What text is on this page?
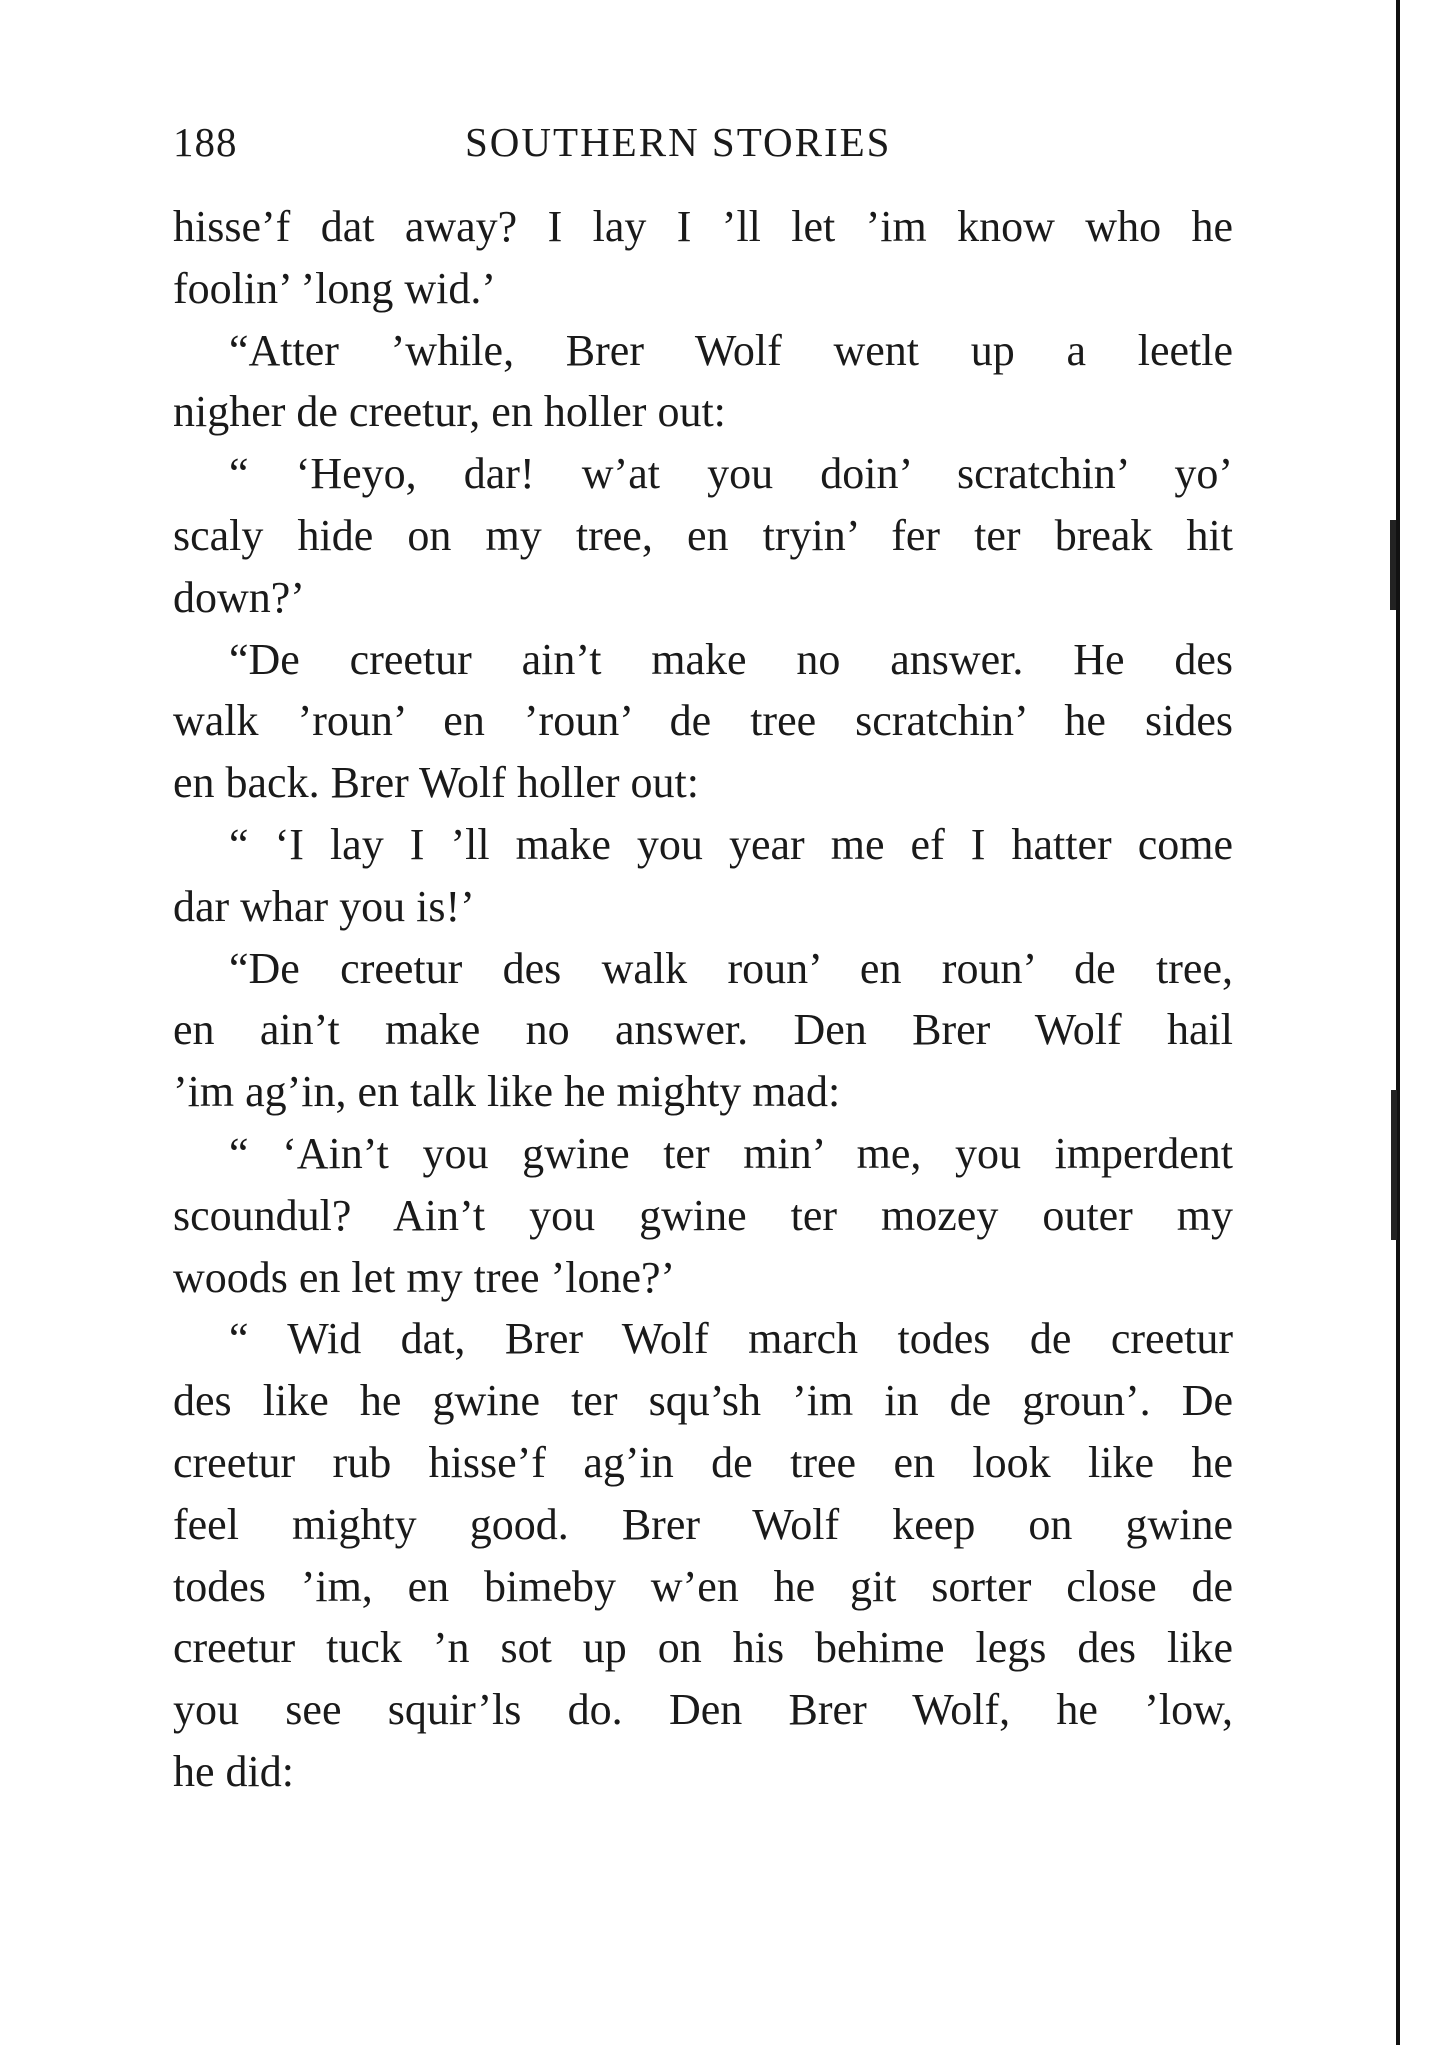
188	SOUTHERN STORIES
hisse’f dat away? I lay I ’ll let ’im know who he
foolin’ ’long wid.’
“Atter ’while, Brer Wolf went up a leetle
nigher de creetur, en holler out:
“ ‘Heyo, dar! w’at you doin’ scratchin’ yo’
scaly hide on my tree, en tryin’ fer ter break hit
down?’
“De creetur ain’t make no answer. He des
walk ’roun’ en ’roun’ de tree scratchin’ he sides
en back. Brer Wolf holler out:
“ ‘I lay I ’ll make you year me ef I hatter come
dar whar you is!’
“De creetur des walk roun’ en roun’ de tree,
en ain’t make no answer. Den Brer Wolf hail
’im ag’in, en talk like he mighty mad:
“ ‘Ain’t you gwine ter min’ me, you imperdent
scoundul? Ain’t you gwine ter mozey outer my
woods en let my tree ’lone?’
“ Wid dat, Brer Wolf march todes de creetur
des like he gwine ter squ’sh ’im in de groun’. De
creetur rub hisse’f ag’in de tree en look like he
feel mighty good. Brer Wolf keep on gwine
todes ’im, en bimeby w’en he git sorter close de
creetur tuck ’n sot up on his behime legs des like
you see squir’ls do. Den Brer Wolf, he ’low,
he did:
